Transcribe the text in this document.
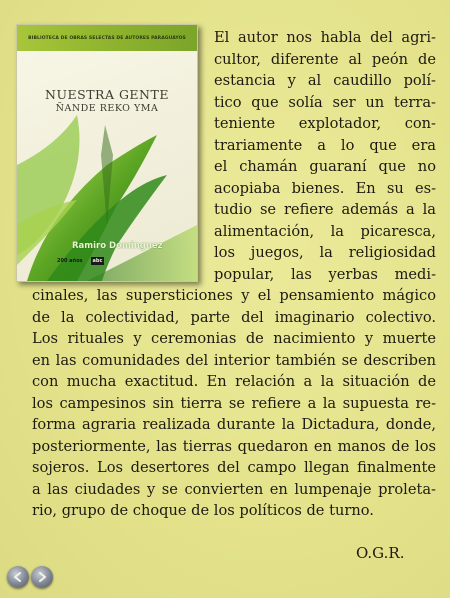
BIBLIOTECA DE OBRAS SELECTAS DE AUTORES PARAGUAYOS
NUESTRA GENTE
ÑANDE REKO YMA
Ramiro Dominguez
200 años	abc
El autor nos habla del agri-
cultor, diferente al peón de
estancia y al caudillo polí-
tico que solía ser un terra-
teniente explotador, con-
trariamente a lo que era
el chamán guaraní que no
acopiaba bienes. En su es-
tudio se refiere además a la
alimentación, la picaresca,
los juegos, la religiosidad
popular, las yerbas medi-
cinales, las supersticiones y el pensamiento mágico
de la colectividad, parte del imaginario colectivo.
Los rituales y ceremonias de nacimiento y muerte
en las comunidades del interior también se describen
con mucha exactitud. En relación a la situación de
los campesinos sin tierra se refiere a la supuesta re-
forma agraria realizada durante la Dictadura, donde,
posteriormente, las tierras quedaron en manos de los
sojeros. Los desertores del campo llegan finalmente
a las ciudades y se convierten en lumpenaje proleta-
rio, grupo de choque de los políticos de turno.
O.G.R.
